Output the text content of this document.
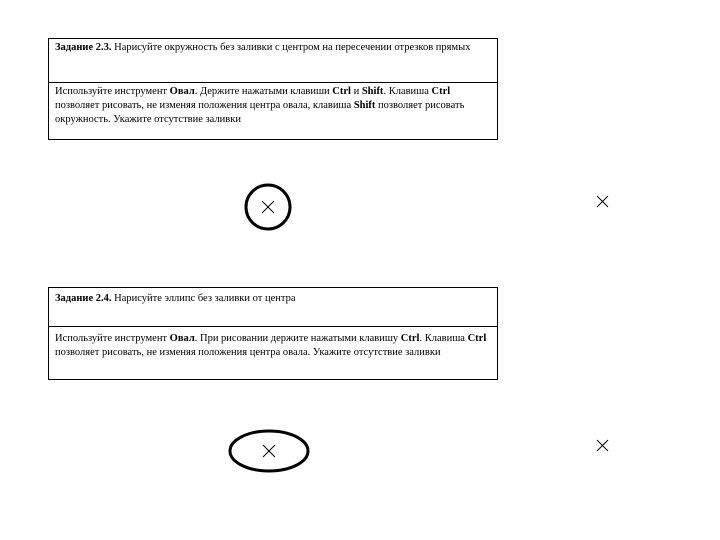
Задание 2.3. Нарисуйте окружность без заливки с центром на пересечении отрезков прямых
Используйте инструмент Овал. Держите нажатыми клавиши Ctrl и Shift. Клавиша Ctrl позволяет рисовать, не изменяя положения центра овала, клавиша Shift позволяет рисовать окружность. Укажите отсутствие заливки
Задание 2.4. Нарисуйте эллипс без заливки от центра
Используйте инструмент Овал. При рисовании держите нажатыми клавишу Ctrl. Клавиша Ctrl позволяет рисовать, не изменяя положения центра овала. Укажите отсутствие заливки
